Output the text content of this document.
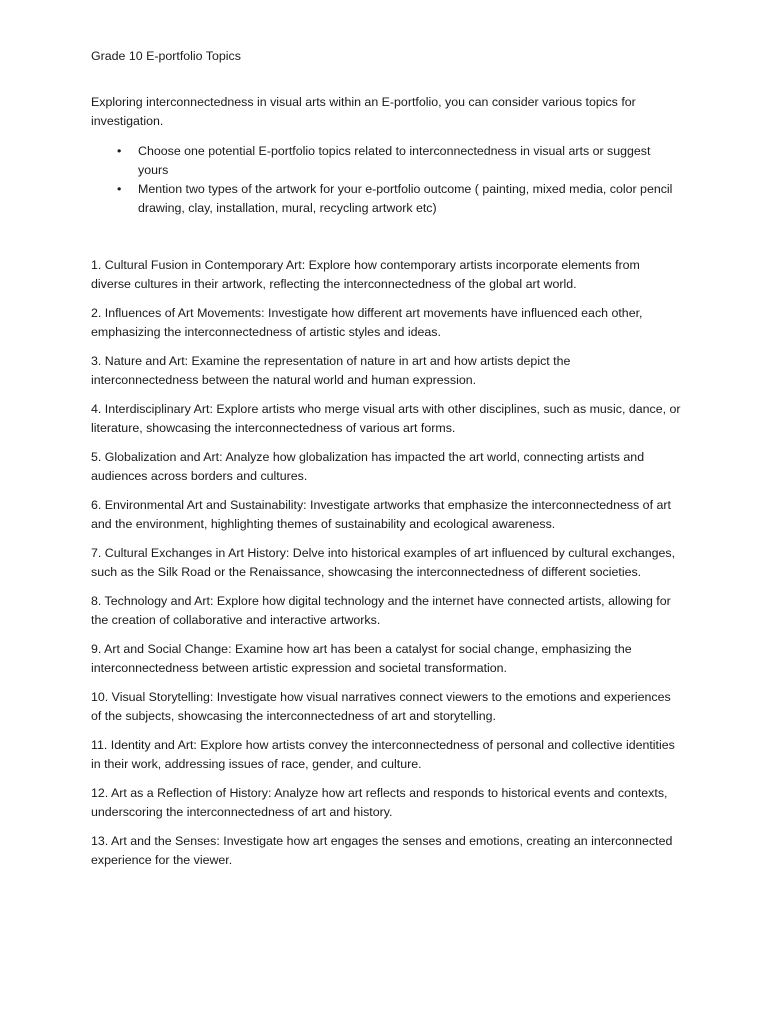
Grade 10 E-portfolio Topics

Exploring interconnectedness in visual arts within an E-portfolio, you can consider various topics for investigation.

• Choose one potential E-portfolio topics related to interconnectedness in visual arts or suggest yours
• Mention two types of the artwork for your e-portfolio outcome ( painting, mixed media, color pencil drawing, clay, installation, mural, recycling artwork etc)

1. Cultural Fusion in Contemporary Art: Explore how contemporary artists incorporate elements from diverse cultures in their artwork, reflecting the interconnectedness of the global art world.

2. Influences of Art Movements: Investigate how different art movements have influenced each other, emphasizing the interconnectedness of artistic styles and ideas.

3. Nature and Art: Examine the representation of nature in art and how artists depict the interconnectedness between the natural world and human expression.

4. Interdisciplinary Art: Explore artists who merge visual arts with other disciplines, such as music, dance, or literature, showcasing the interconnectedness of various art forms.

5. Globalization and Art: Analyze how globalization has impacted the art world, connecting artists and audiences across borders and cultures.

6. Environmental Art and Sustainability: Investigate artworks that emphasize the interconnectedness of art and the environment, highlighting themes of sustainability and ecological awareness.

7. Cultural Exchanges in Art History: Delve into historical examples of art influenced by cultural exchanges, such as the Silk Road or the Renaissance, showcasing the interconnectedness of different societies.

8. Technology and Art: Explore how digital technology and the internet have connected artists, allowing for the creation of collaborative and interactive artworks.

9. Art and Social Change: Examine how art has been a catalyst for social change, emphasizing the interconnectedness between artistic expression and societal transformation.

10. Visual Storytelling: Investigate how visual narratives connect viewers to the emotions and experiences of the subjects, showcasing the interconnectedness of art and storytelling.

11. Identity and Art: Explore how artists convey the interconnectedness of personal and collective identities in their work, addressing issues of race, gender, and culture.

12. Art as a Reflection of History: Analyze how art reflects and responds to historical events and contexts, underscoring the interconnectedness of art and history.

13. Art and the Senses: Investigate how art engages the senses and emotions, creating an interconnected experience for the viewer.
